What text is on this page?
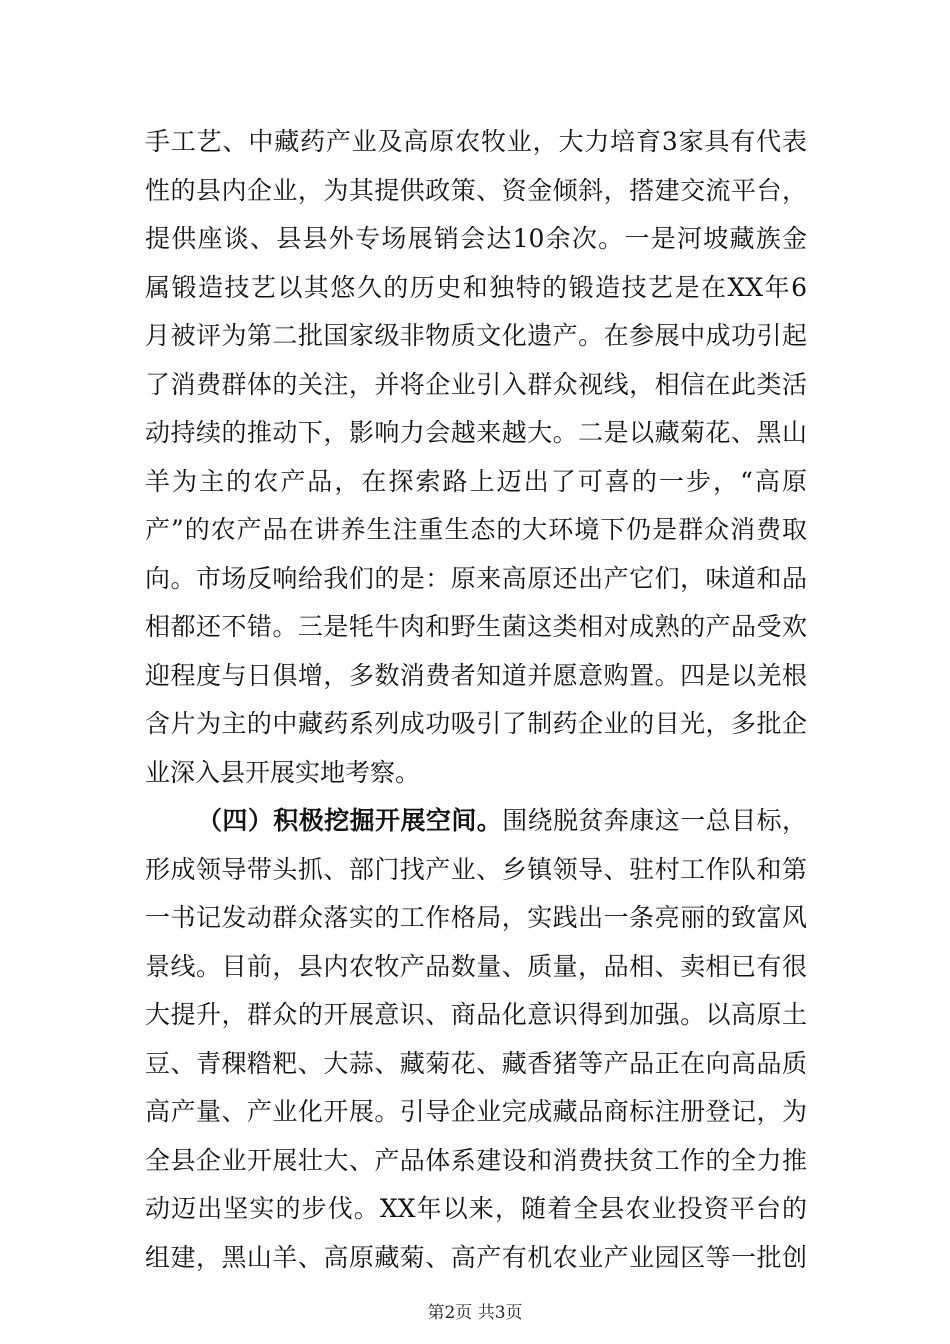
手工艺、中藏药产业及高原农牧业，大力培育3家具有代表
性的县内企业，为其提供政策、资金倾斜，搭建交流平台，
提供座谈、县县外专场展销会达10余次。一是河坡藏族金
属锻造技艺以其悠久的历史和独特的锻造技艺是在XX年6
月被评为第二批国家级非物质文化遗产。在参展中成功引起
了消费群体的关注，并将企业引入群众视线，相信在此类活
动持续的推动下，影响力会越来越大。二是以藏菊花、黑山
羊为主的农产品，在探索路上迈出了可喜的一步，“高原
产”的农产品在讲养生注重生态的大环境下仍是群众消费取
向。市场反响给我们的是：原来高原还出产它们，味道和品
相都还不错。三是牦牛肉和野生菌这类相对成熟的产品受欢
迎程度与日俱增，多数消费者知道并愿意购置。四是以羌根
含片为主的中藏药系列成功吸引了制药企业的目光，多批企
业深入县开展实地考察。
（四）积极挖掘开展空间。围绕脱贫奔康这一总目标，
形成领导带头抓、部门找产业、乡镇领导、驻村工作队和第
一书记发动群众落实的工作格局，实践出一条亮丽的致富风
景线。目前，县内农牧产品数量、质量，品相、卖相已有很
大提升，群众的开展意识、商品化意识得到加强。以高原土
豆、青稞糌粑、大蒜、藏菊花、藏香猪等产品正在向高品质
高产量、产业化开展。引导企业完成藏品商标注册登记，为
全县企业开展壮大、产品体系建设和消费扶贫工作的全力推
动迈出坚实的步伐。XX年以来，随着全县农业投资平台的
组建，黑山羊、高原藏菊、高产有机农业产业园区等一批创
第2页 共3页
